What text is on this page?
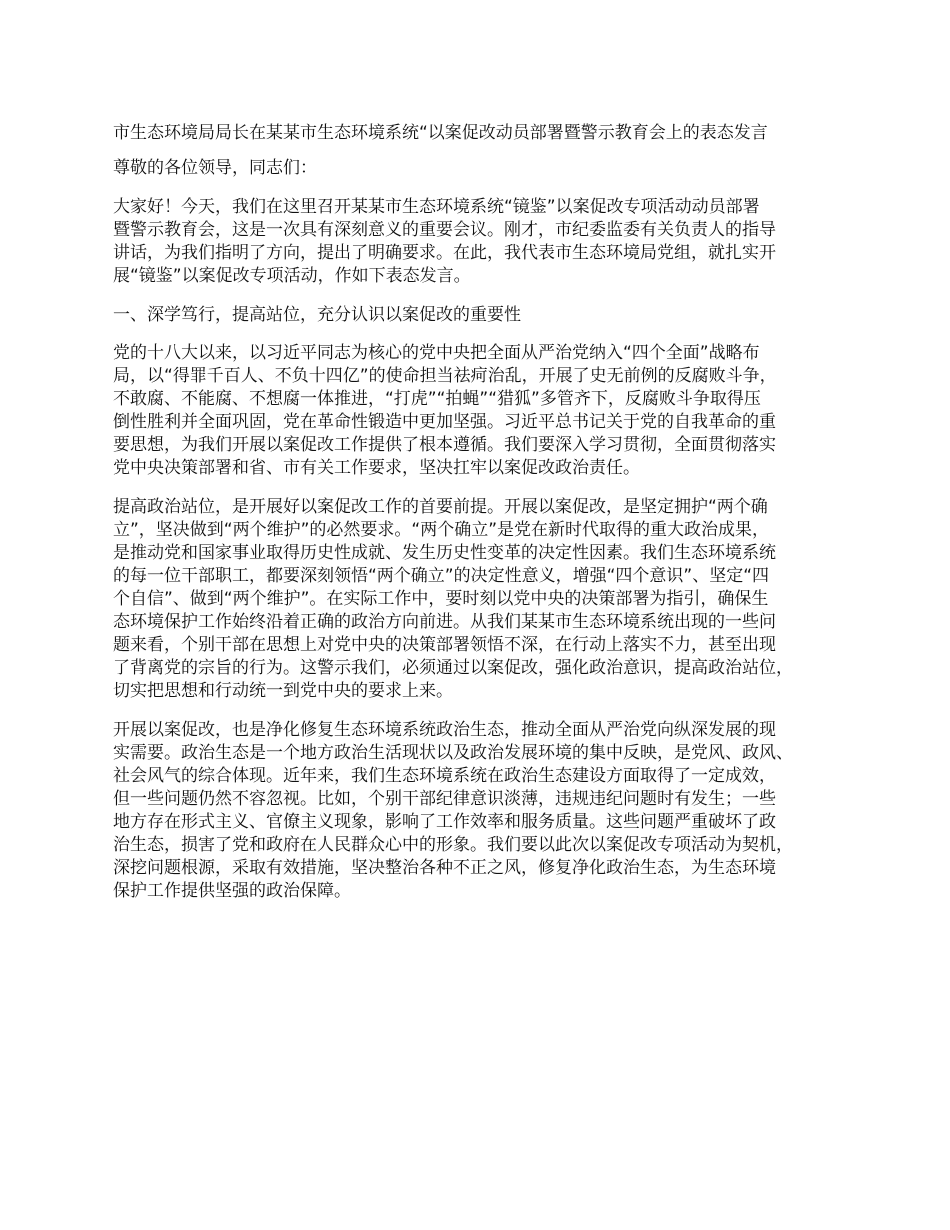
市生态环境局局长在某某市生态环境系统“以案促改动员部署暨警示教育会上的表态发言
尊敬的各位领导，同志们：
大家好！今天，我们在这里召开某某市生态环境系统“镜鉴”以案促改专项活动动员部署
暨警示教育会，这是一次具有深刻意义的重要会议。刚才，市纪委监委有关负责人的指导
讲话，为我们指明了方向，提出了明确要求。在此，我代表市生态环境局党组，就扎实开
展“镜鉴”以案促改专项活动，作如下表态发言。
一、深学笃行，提高站位，充分认识以案促改的重要性
党的十八大以来，以习近平同志为核心的党中央把全面从严治党纳入“四个全面”战略布
局，以“得罪千百人、不负十四亿”的使命担当祛疴治乱，开展了史无前例的反腐败斗争，
不敢腐、不能腐、不想腐一体推进，“打虎”“拍蝇”“猎狐”多管齐下，反腐败斗争取得压
倒性胜利并全面巩固，党在革命性锻造中更加坚强。习近平总书记关于党的自我革命的重
要思想，为我们开展以案促改工作提供了根本遵循。我们要深入学习贯彻，全面贯彻落实
党中央决策部署和省、市有关工作要求，坚决扛牢以案促改政治责任。
提高政治站位，是开展好以案促改工作的首要前提。开展以案促改，是坚定拥护“两个确
立”，坚决做到“两个维护”的必然要求。“两个确立”是党在新时代取得的重大政治成果，
是推动党和国家事业取得历史性成就、发生历史性变革的决定性因素。我们生态环境系统
的每一位干部职工，都要深刻领悟“两个确立”的决定性意义，增强“四个意识”、坚定“四
个自信”、做到“两个维护”。在实际工作中，要时刻以党中央的决策部署为指引，确保生
态环境保护工作始终沿着正确的政治方向前进。从我们某某市生态环境系统出现的一些问
题来看，个别干部在思想上对党中央的决策部署领悟不深，在行动上落实不力，甚至出现
了背离党的宗旨的行为。这警示我们，必须通过以案促改，强化政治意识，提高政治站位，
切实把思想和行动统一到党中央的要求上来。
开展以案促改，也是净化修复生态环境系统政治生态，推动全面从严治党向纵深发展的现
实需要。政治生态是一个地方政治生活现状以及政治发展环境的集中反映，是党风、政风、
社会风气的综合体现。近年来，我们生态环境系统在政治生态建设方面取得了一定成效，
但一些问题仍然不容忽视。比如，个别干部纪律意识淡薄，违规违纪问题时有发生；一些
地方存在形式主义、官僚主义现象，影响了工作效率和服务质量。这些问题严重破坏了政
治生态，损害了党和政府在人民群众心中的形象。我们要以此次以案促改专项活动为契机，
深挖问题根源，采取有效措施，坚决整治各种不正之风，修复净化政治生态，为生态环境
保护工作提供坚强的政治保障。
